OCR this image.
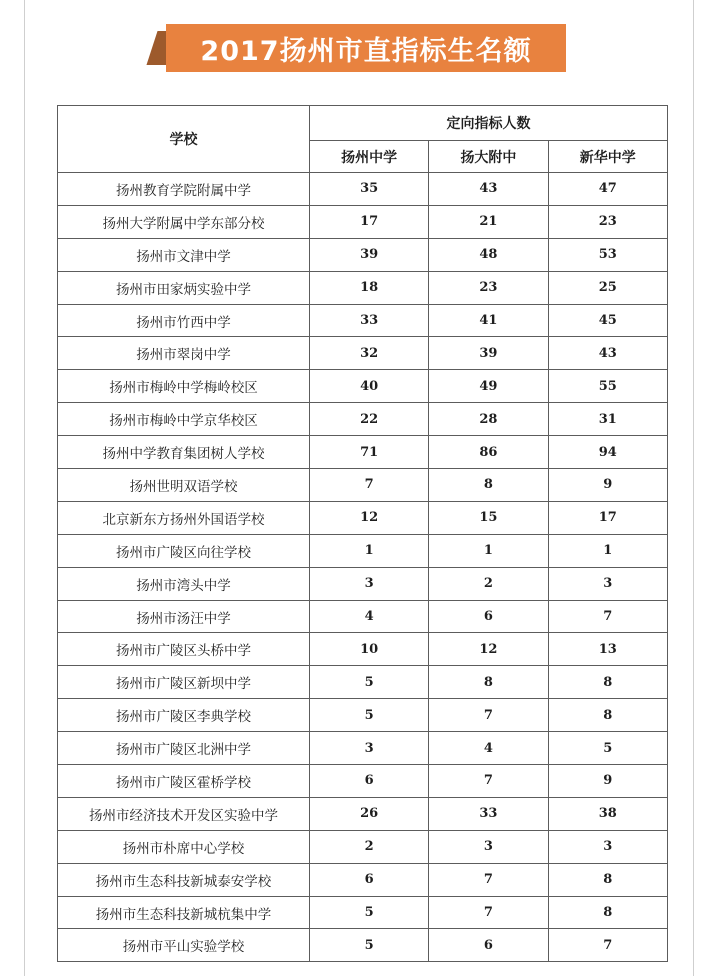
2017扬州市直指标生名额
学校	定向指标人数		
	扬州中学	扬大附中	新华中学
扬州教育学院附属中学	35	43	47
扬州大学附属中学东部分校	17	21	23
扬州市文津中学	39	48	53
扬州市田家炳实验中学	18	23	25
扬州市竹西中学	33	41	45
扬州市翠岗中学	32	39	43
扬州市梅岭中学梅岭校区	40	49	55
扬州市梅岭中学京华校区	22	28	31
扬州中学教育集团树人学校	71	86	94
扬州世明双语学校	7	8	9
北京新东方扬州外国语学校	12	15	17
扬州市广陵区向往学校	1	1	1
扬州市湾头中学	3	2	3
扬州市汤汪中学	4	6	7
扬州市广陵区头桥中学	10	12	13
扬州市广陵区新坝中学	5	8	8
扬州市广陵区李典学校	5	7	8
扬州市广陵区北洲中学	3	4	5
扬州市广陵区霍桥学校	6	7	9
扬州市经济技术开发区实验中学	26	33	38
扬州市朴席中心学校	2	3	3
扬州市生态科技新城泰安学校	6	7	8
扬州市生态科技新城杭集中学	5	7	8
扬州市平山实验学校	5	6	7
